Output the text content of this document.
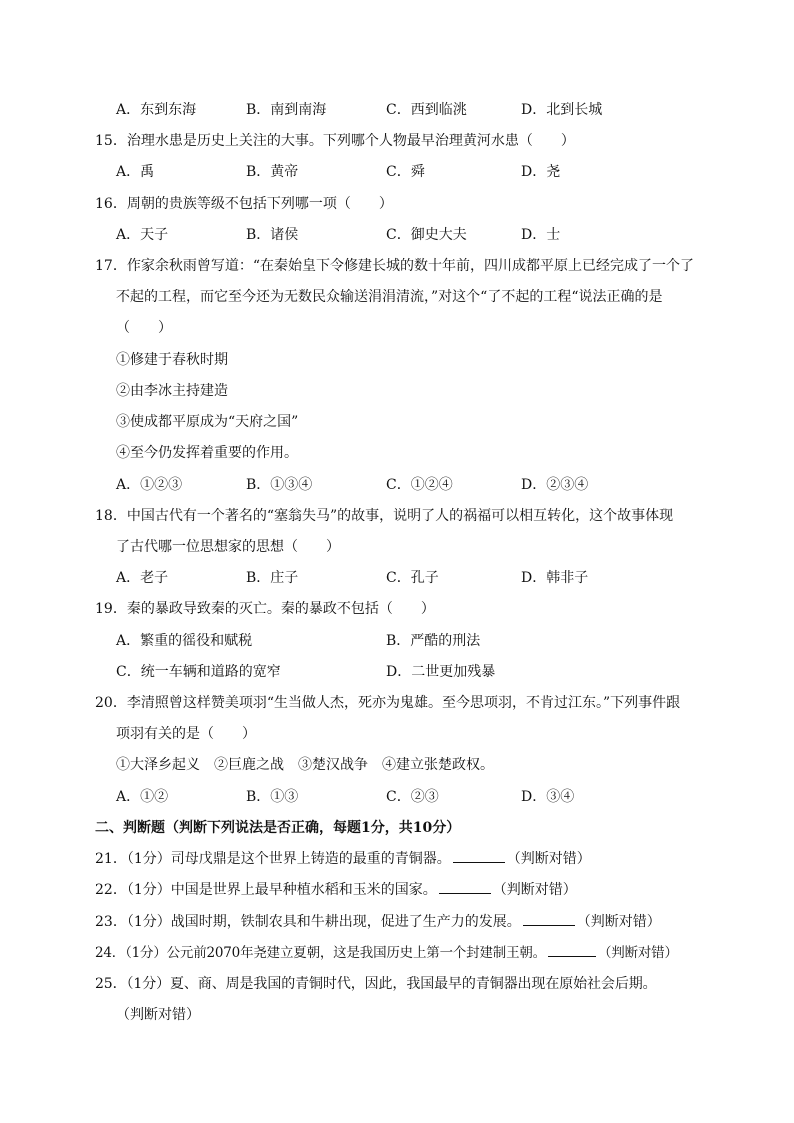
A．东到东海	B．南到南海	C．西到临洮	D．北到长城
15．治理水患是历史上关注的大事。下列哪个人物最早治理黄河水患（　　）
A．禹	B．黄帝	C．舜	D．尧
16．周朝的贵族等级不包括下列哪一项（　　）
A．天子	B．诸侯	C．御史大夫	D．士
17．作家余秋雨曾写道：“在秦始皇下令修建长城的数十年前，四川成都平原上已经完成了一个了
不起的工程，而它至今还为无数民众输送涓涓清流，”对这个“了不起的工程“说法正确的是
（　　）
①修建于春秋时期
②由李冰主持建造
③使成都平原成为“天府之国”
④至今仍发挥着重要的作用。
A．①②③	B．①③④	C．①②④	D．②③④
18．中国古代有一个著名的“塞翁失马”的故事，说明了人的祸福可以相互转化，这个故事体现
了古代哪一位思想家的思想（　　）
A．老子	B．庄子	C．孔子	D．韩非子
19．秦的暴政导致秦的灭亡。秦的暴政不包括（　　）
A．繁重的徭役和赋税	B．严酷的刑法
C．统一车辆和道路的宽窄	D．二世更加残暴
20．李清照曾这样赞美项羽“生当做人杰，死亦为鬼雄。至今思项羽，不肯过江东。”下列事件跟
项羽有关的是（　　）
①大泽乡起义　②巨鹿之战　③楚汉战争　④建立张楚政权。
A．①②	B．①③	C．②③	D．③④
二、判断题（判断下列说法是否正确，每题1分，共10分）
21．（1分）司母戊鼎是这个世界上铸造的最重的青铜器。	（判断对错）
22．（1分）中国是世界上最早种植水稻和玉米的国家。	（判断对错）
23．（1分）战国时期，铁制农具和牛耕出现，促进了生产力的发展。	（判断对错）
24．（1分）公元前2070年尧建立夏朝，这是我国历史上第一个封建制王朝。	（判断对错）
25．（1分）夏、商、周是我国的青铜时代，因此，我国最早的青铜器出现在原始社会后期。
（判断对错）
